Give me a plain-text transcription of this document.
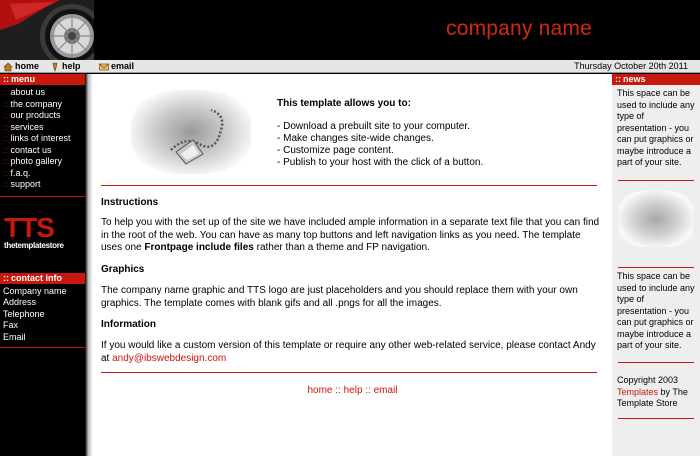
company name
home	help	email	Thursday October 20th 2011
:: menu
:: about us
:: the company
:: our products
:: services
:: links of interest
:: contact us
:: photo gallery
:: f.a.q.
:: support
TTS
thetemplatestore
:: contact info
Company name
Address
Telephone
Fax
Email
This template allows you to:
- Download a prebuilt site to your computer.
- Make changes site-wide changes.
- Customize page content.
- Publish to your host with the click of a button.
Instructions
To help you with the set up of the site we have included ample information in a separate text file that you can find in the root of the web. You can have as many top buttons and left navigation links as you need. The template uses one Frontpage include files rather than a theme and FP navigation.
Graphics
The company name graphic and TTS logo are just placeholders and you should replace them with your own graphics. The template comes with blank gifs and all .pngs for all the images.
Information
If you would like a custom version of this template or require any other web-related service, please contact Andy at andy@ibswebdesign.com
home :: help :: email
:: news
This space can be used to include any type of presentation - you can put graphics or maybe introduce a part of your site.
This space can be used to include any type of presentation - you can put graphics or maybe introduce a part of your site.
Copyright 2003 Templates by The Template Store
